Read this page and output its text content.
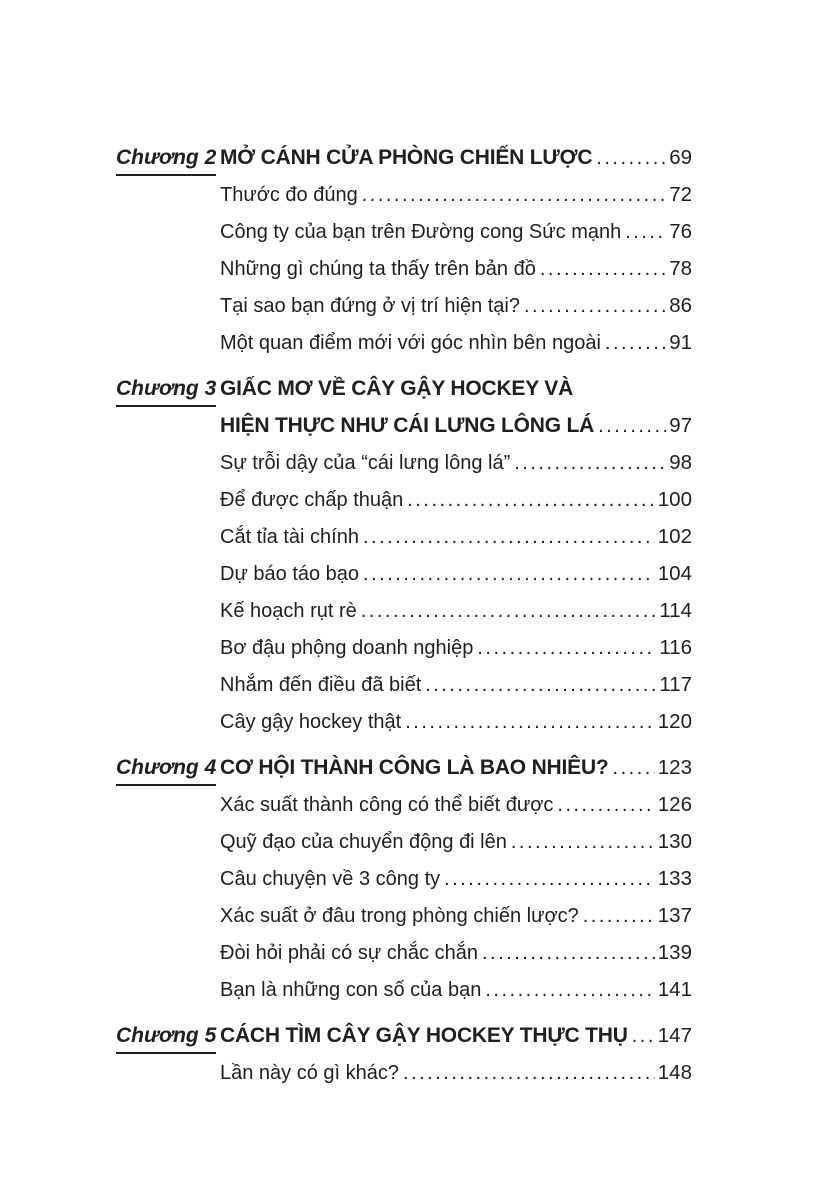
Chương 2 MỞ CÁNH CỬA PHÒNG CHIẾN LƯỢC .....	69
Thước đo đúng .....	72
Công ty của bạn trên Đường cong Sức mạnh ..... 76
Những gì chúng ta thấy trên bản đồ .....	78
Tại sao bạn đứng ở vị trí hiện tại? .....	86
Một quan điểm mới với góc nhìn bên ngoài .....	91
Chương 3 GIẤC MƠ VỀ CÂY GẬY HOCKEY VÀ
HIỆN THỰC NHƯ CÁI LƯNG LÔNG LÁ .....	97
Sự trỗi dậy của “cái lưng lông lá” .....	98
Để được chấp thuận .....	100
Cắt tỉa tài chính .....	102
Dự báo táo bạo .....	104
Kế hoạch rụt rè .....	114
Bơ đậu phộng doanh nghiệp .....	116
Nhắm đến điều đã biết .....	117
Cây gậy hockey thật .....	120
Chương 4 CƠ HỘI THÀNH CÔNG LÀ BAO NHIÊU? ..... 123
Xác suất thành công có thể biết được .....	126
Quỹ đạo của chuyển động đi lên .....	130
Câu chuyện về 3 công ty .....	133
Xác suất ở đâu trong phòng chiến lược? .....	137
Đòi hỏi phải có sự chắc chắn .....	139
Bạn là những con số của bạn .....	141
Chương 5 CÁCH TÌM CÂY GẬY HOCKEY THỰC THỤ ..... 147
Lần này có gì khác? .....	148
